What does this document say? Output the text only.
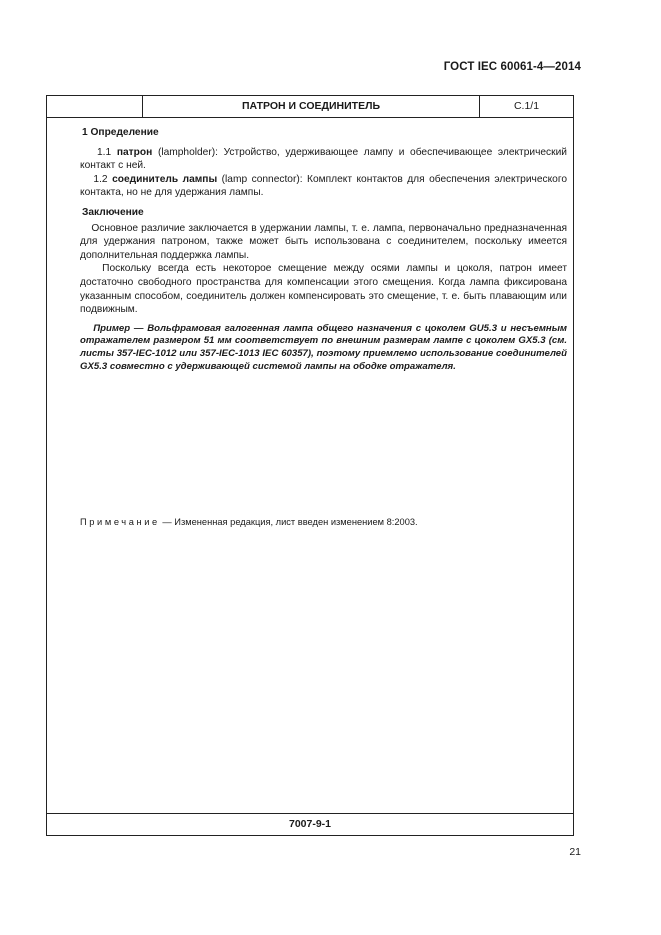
ГОСТ IEC 60061-4—2014
ПАТРОН И СОЕДИНИТЕЛЬ	С.1/1

1 Определение

1.1 патрон (lampholder): Устройство, удерживающее лампу и обеспечивающее электрический контакт с ней.

1.2 соединитель лампы (lamp connector): Комплект контактов для обеспечения электрического контакта, но не для удержания лампы.

Заключение

Основное различие заключается в удержании лампы, т. е. лампа, первоначально предназначенная для удержания патроном, также может быть использована с соединителем, поскольку имеется дополнительная поддержка лампы.

Поскольку всегда есть некоторое смещение между осями лампы и цоколя, патрон имеет достаточно свободного пространства для компенсации этого смещения. Когда лампа фиксирована указанным способом, соединитель должен компенсировать это смещение, т. е. быть плавающим или подвижным.

Пример — Вольфрамовая галогенная лампа общего назначения с цоколем GU5.3 и несъемным отражателем размером 51 мм соответствует по внешним размерам лампе с цоколем GX5.3 (см. листы 357-IEC-1012 или 357-IEC-1013 IEC 60357), поэтому приемлемо использование соединителей GX5.3 совместно с удерживающей системой лампы на ободке отражателя.

Примечание — Измененная редакция, лист введен изменением 8:2003.
7007-9-1
21
